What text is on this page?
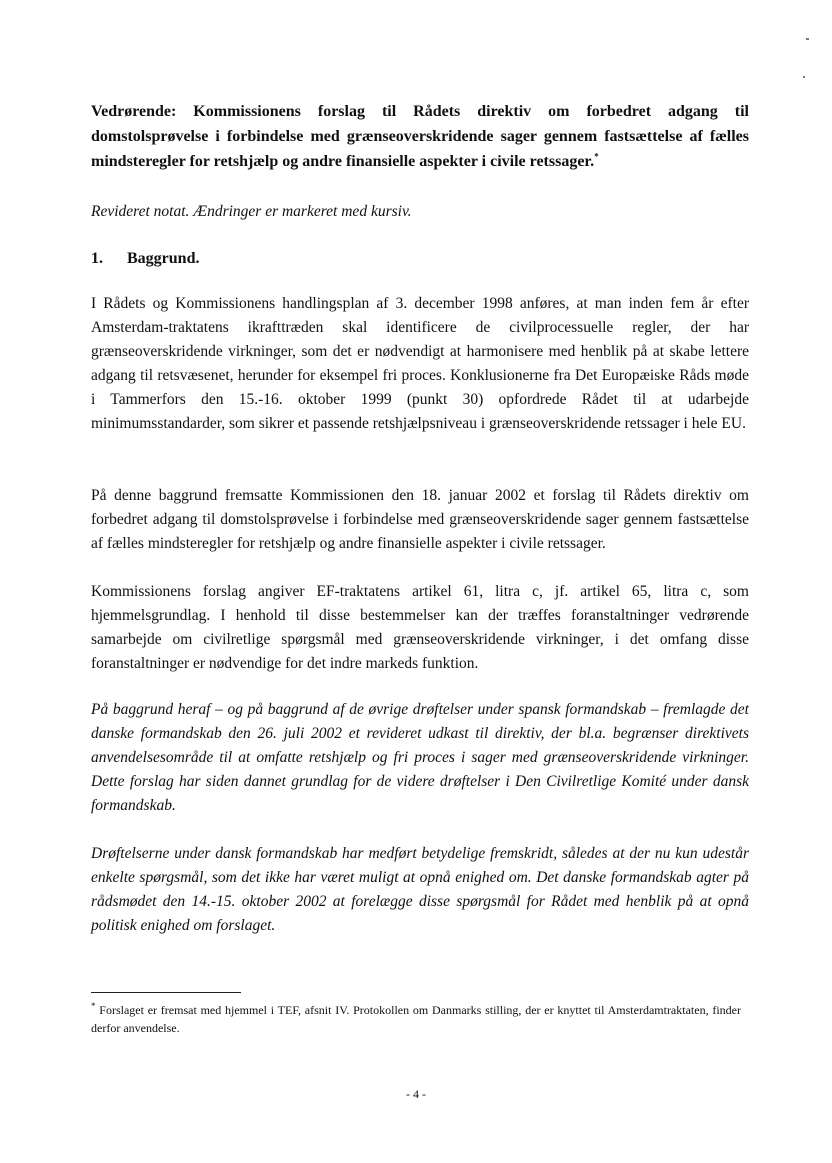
Vedrørende: Kommissionens forslag til Rådets direktiv om forbedret adgang til domstolsprøvelse i forbindelse med grænseoverskridende sager gennem fastsættelse af fælles mindsteregler for retshjælp og andre finansielle aspekter i civile retssager.*
Revideret notat. Ændringer er markeret med kursiv.
1. Baggrund.
I Rådets og Kommissionens handlingsplan af 3. december 1998 anføres, at man inden fem år efter Amsterdam-traktatens ikrafttræden skal identificere de civilprocessuelle regler, der har grænseoverskridende virkninger, som det er nødvendigt at harmonisere med henblik på at skabe lettere adgang til retsvæsenet, herunder for eksempel fri proces. Konklusionerne fra Det Europæiske Råds møde i Tammerfors den 15.-16. oktober 1999 (punkt 30) opfordrede Rådet til at udarbejde minimumsstandarder, som sikrer et passende retshjælpsniveau i grænseoverskridende retssager i hele EU.
På denne baggrund fremsatte Kommissionen den 18. januar 2002 et forslag til Rådets direktiv om forbedret adgang til domstolsprøvelse i forbindelse med grænseoverskridende sager gennem fastsættelse af fælles mindsteregler for retshjælp og andre finansielle aspekter i civile retssager.
Kommissionens forslag angiver EF-traktatens artikel 61, litra c, jf. artikel 65, litra c, som hjemmelsgrundlag. I henhold til disse bestemmelser kan der træffes foranstaltninger vedrørende samarbejde om civilretlige spørgsmål med grænseoverskridende virkninger, i det omfang disse foranstaltninger er nødvendige for det indre markeds funktion.
På baggrund heraf – og på baggrund af de øvrige drøftelser under spansk formandskab – fremlagde det danske formandskab den 26. juli 2002 et revideret udkast til direktiv, der bl.a. begrænser direktivets anvendelsesområde til at omfatte retshjælp og fri proces i sager med grænseoverskridende virkninger. Dette forslag har siden dannet grundlag for de videre drøftelser i Den Civilretlige Komité under dansk formandskab.
Drøftelserne under dansk formandskab har medført betydelige fremskridt, således at der nu kun udestår enkelte spørgsmål, som det ikke har været muligt at opnå enighed om. Det danske formandskab agter på rådsmødet den 14.-15. oktober 2002 at forelægge disse spørgsmål for Rådet med henblik på at opnå politisk enighed om forslaget.
* Forslaget er fremsat med hjemmel i TEF, afsnit IV. Protokollen om Danmarks stilling, der er knyttet til Amsterdamtraktaten, finder derfor anvendelse.
- 4 -
